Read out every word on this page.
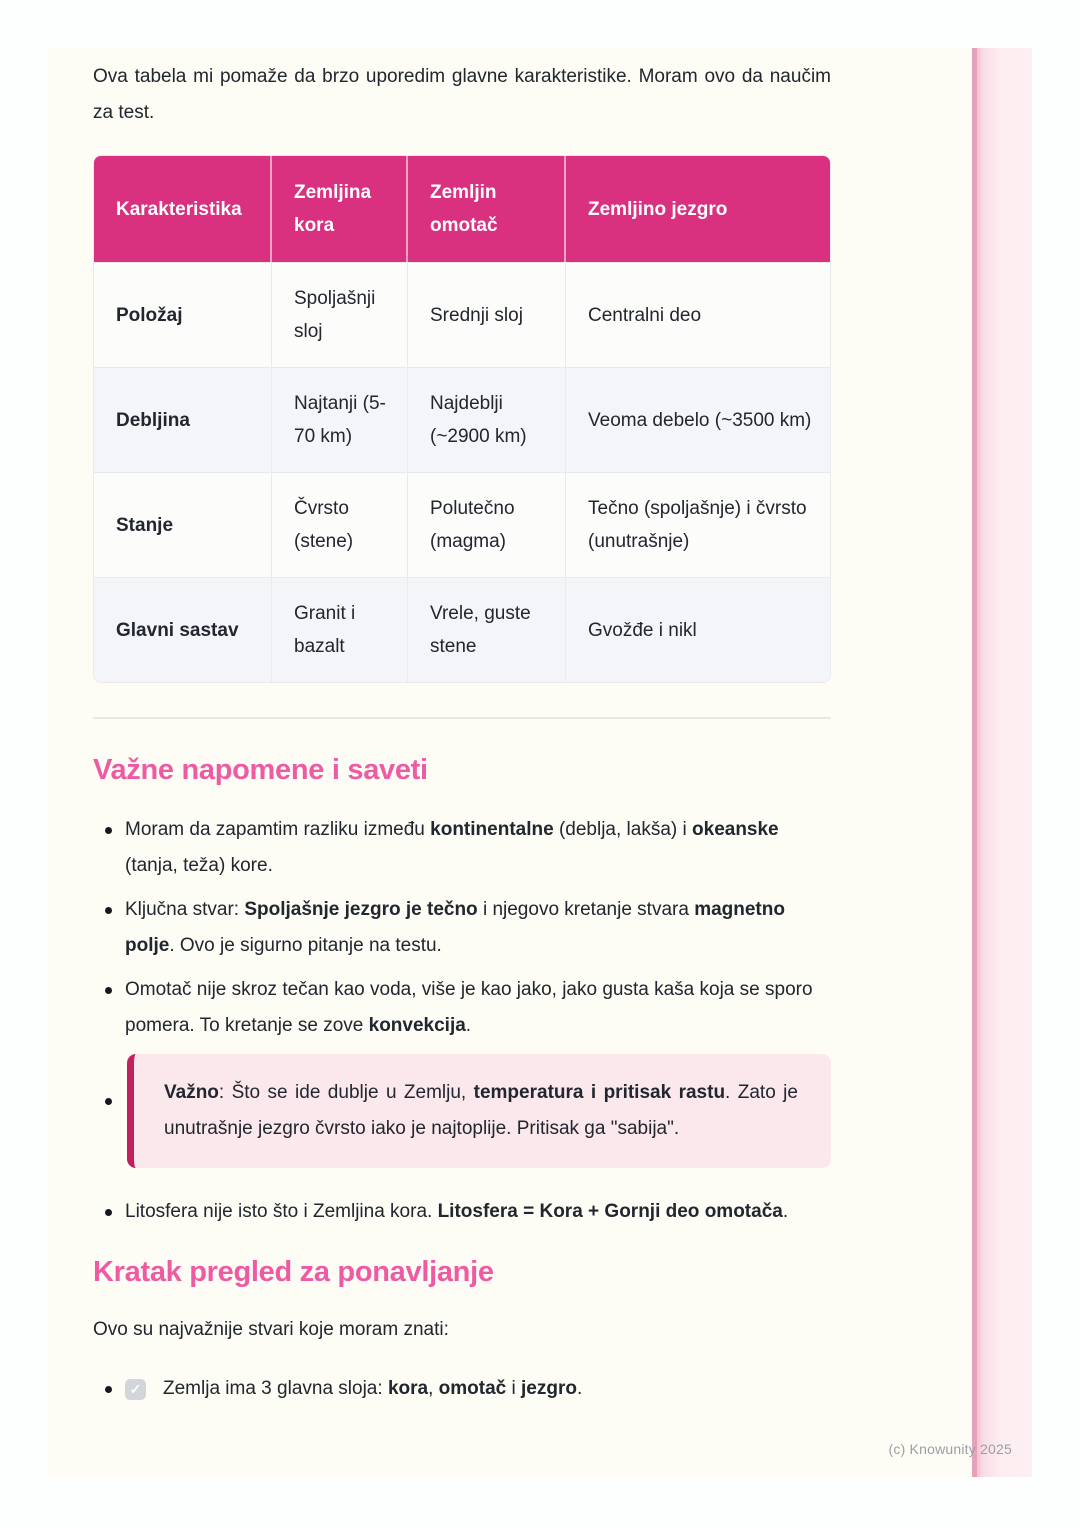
Ova tabela mi pomaže da brzo uporedim glavne karakteristike. Moram ovo da naučim za test.

Karakteristika	Zemljina kora	Zemljin omotač	Zemljino jezgro
Položaj	Spoljašnji sloj	Srednji sloj	Centralni deo
Debljina	Najtanji (5-70 km)	Najdeblji (~2900 km)	Veoma debelo (~3500 km)
Stanje	Čvrsto (stene)	Polutečno (magma)	Tečno (spoljašnje) i čvrsto (unutrašnje)
Glavni sastav	Granit i bazalt	Vrele, guste stene	Gvožđe i nikl
Važne napomene i saveti
Moram da zapamtim razliku između kontinentalne (deblja, lakša) i okeanske (tanja, teža) kore.
Ključna stvar: Spoljašnje jezgro je tečno i njegovo kretanje stvara magnetno polje. Ovo je sigurno pitanje na testu.
Omotač nije skroz tečan kao voda, više je kao jako, jako gusta kaša koja se sporo pomera. To kretanje se zove konvekcija.

Važno: Što se ide dublje u Zemlju, temperatura i pritisak rastu. Zato je unutrašnje jezgro čvrsto iako je najtoplije. Pritisak ga "sabija".

Litosfera nije isto što i Zemljina kora. Litosfera = Kora + Gornji deo omotača.
Kratak pregled za ponavljanje

Ovo su najvažnije stvari koje moram znati:

✓ Zemlja ima 3 glavna sloja: kora, omotač i jezgro.
(c) Knowunity 2025
